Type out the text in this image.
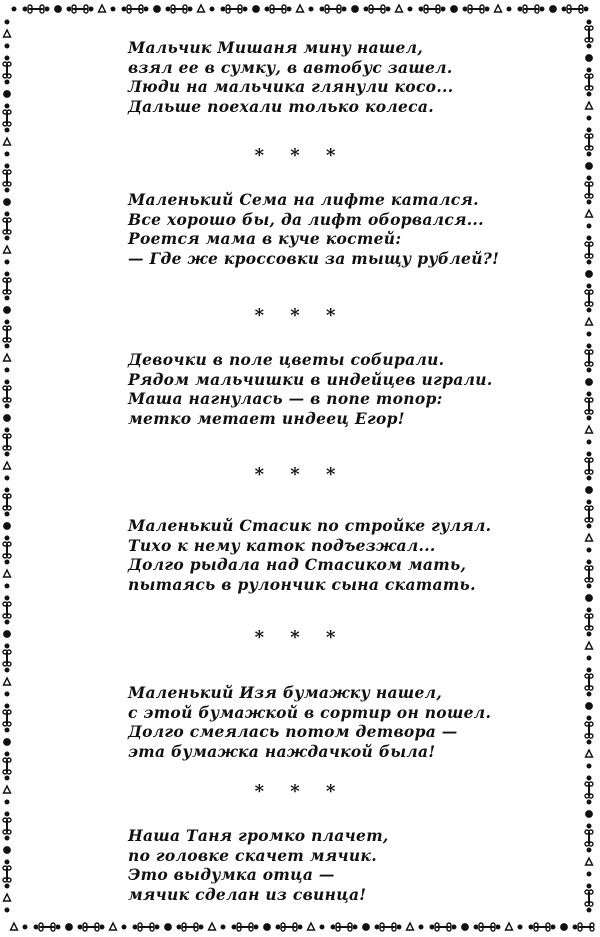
Мальчик Мишаня мину нашел,
взял ее в сумку, в автобус зашел.
Люди на мальчика глянули косо...
Дальше поехали только колеса.
* * *
Маленький Сема на лифте катался.
Все хорошо бы, да лифт оборвался...
Роется мама в куче костей:
— Где же кроссовки за тыщу рублей?!
* * *
Девочки в поле цветы собирали.
Рядом мальчишки в индейцев играли.
Маша нагнулась — в попе топор:
метко метает индеец Егор!
* * *
Маленький Стасик по стройке гулял.
Тихо к нему каток подъезжал...
Долго рыдала над Стасиком мать,
пытаясь в рулончик сына скатать.
* * *
Маленький Изя бумажку нашел,
с этой бумажкой в сортир он пошел.
Долго смеялась потом детвора —
эта бумажка наждачкой была!
* * *
Наша Таня громко плачет,
по головке скачет мячик.
Это выдумка отца —
мячик сделан из свинца!
